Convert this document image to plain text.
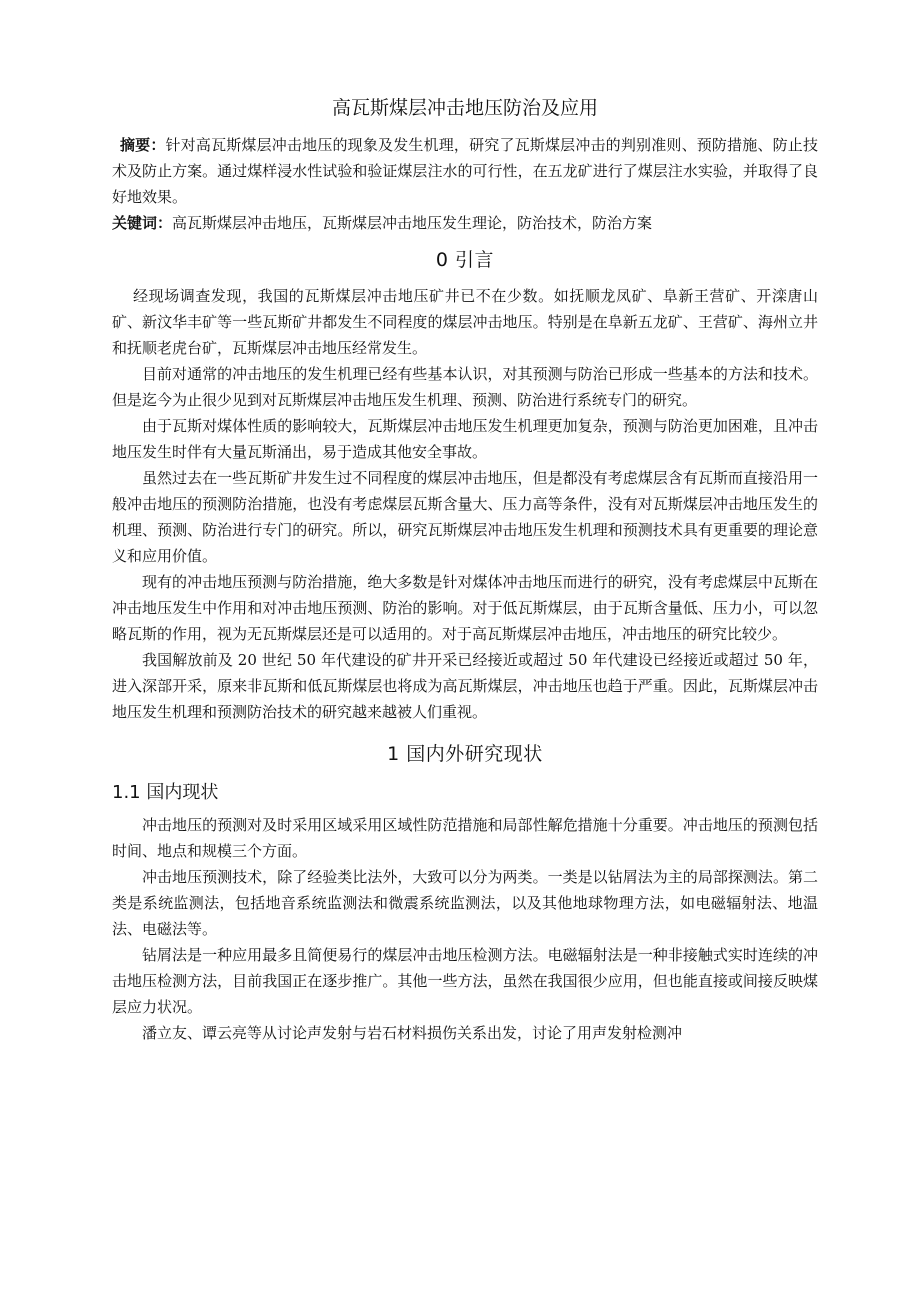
高瓦斯煤层冲击地压防治及应用

摘要：针对高瓦斯煤层冲击地压的现象及发生机理，研究了瓦斯煤层冲击的判别准则、预防措施、防止技术及防止方案。通过煤样浸水性试验和验证煤层注水的可行性，在五龙矿进行了煤层注水实验，并取得了良好地效果。

关键词：高瓦斯煤层冲击地压，瓦斯煤层冲击地压发生理论，防治技术，防治方案

0 引言

经现场调查发现，我国的瓦斯煤层冲击地压矿井已不在少数。如抚顺龙凤矿、阜新王营矿、开滦唐山矿、新汶华丰矿等一些瓦斯矿井都发生不同程度的煤层冲击地压。特别是在阜新五龙矿、王营矿、海州立井和抚顺老虎台矿，瓦斯煤层冲击地压经常发生。

目前对通常的冲击地压的发生机理已经有些基本认识，对其预测与防治已形成一些基本的方法和技术。但是迄今为止很少见到对瓦斯煤层冲击地压发生机理、预测、防治进行系统专门的研究。

由于瓦斯对煤体性质的影响较大，瓦斯煤层冲击地压发生机理更加复杂，预测与防治更加困难，且冲击地压发生时伴有大量瓦斯涌出，易于造成其他安全事故。

虽然过去在一些瓦斯矿井发生过不同程度的煤层冲击地压，但是都没有考虑煤层含有瓦斯而直接沿用一般冲击地压的预测防治措施，也没有考虑煤层瓦斯含量大、压力高等条件，没有对瓦斯煤层冲击地压发生的机理、预测、防治进行专门的研究。所以，研究瓦斯煤层冲击地压发生机理和预测技术具有更重要的理论意义和应用价值。

现有的冲击地压预测与防治措施，绝大多数是针对煤体冲击地压而进行的研究，没有考虑煤层中瓦斯在冲击地压发生中作用和对冲击地压预测、防治的影响。对于低瓦斯煤层，由于瓦斯含量低、压力小，可以忽略瓦斯的作用，视为无瓦斯煤层还是可以适用的。对于高瓦斯煤层冲击地压，冲击地压的研究比较少。

我国解放前及 20 世纪 50 年代建设的矿井开采已经接近或超过 50 年代建设已经接近或超过 50 年，进入深部开采，原来非瓦斯和低瓦斯煤层也将成为高瓦斯煤层，冲击地压也趋于严重。因此，瓦斯煤层冲击地压发生机理和预测防治技术的研究越来越被人们重视。

1 国内外研究现状
1.1 国内现状

冲击地压的预测对及时采用区域采用区域性防范措施和局部性解危措施十分重要。冲击地压的预测包括时间、地点和规模三个方面。

冲击地压预测技术，除了经验类比法外，大致可以分为两类。一类是以钻屑法为主的局部探测法。第二类是系统监测法，包括地音系统监测法和微震系统监测法，以及其他地球物理方法，如电磁辐射法、地温法、电磁法等。

钻屑法是一种应用最多且简便易行的煤层冲击地压检测方法。电磁辐射法是一种非接触式实时连续的冲击地压检测方法，目前我国正在逐步推广。其他一些方法，虽然在我国很少应用，但也能直接或间接反映煤层应力状况。

潘立友、谭云亮等从讨论声发射与岩石材料损伤关系出发，讨论了用声发射检测冲
